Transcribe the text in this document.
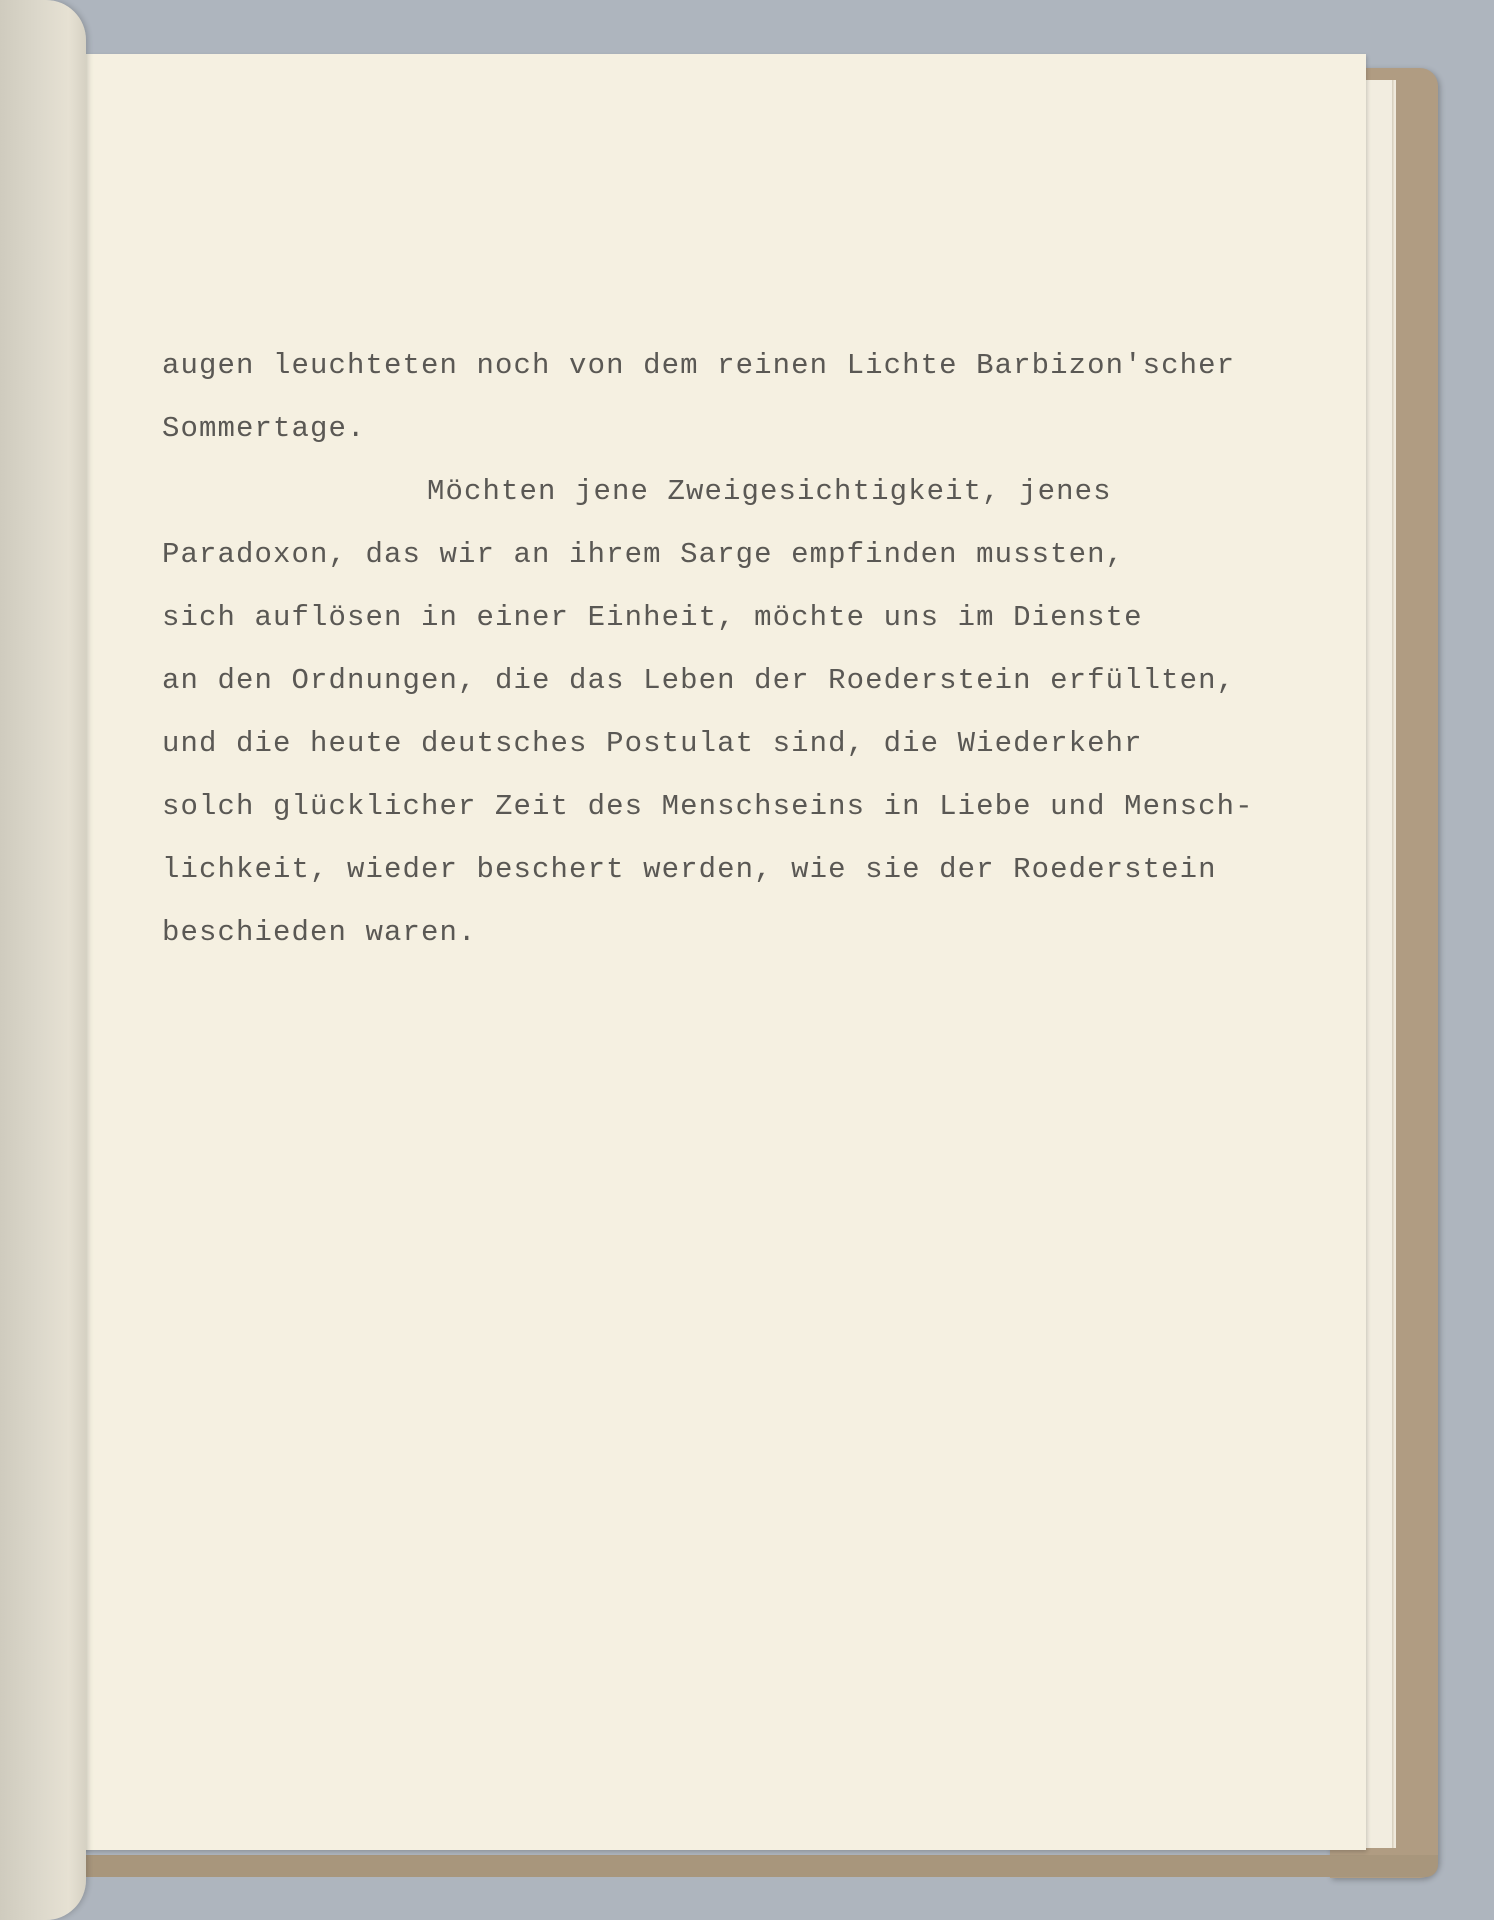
augen leuchteten noch von dem reinen Lichte Barbizon'scher
Sommertage.
Möchten jene Zweigesichtigkeit, jenes
Paradoxon, das wir an ihrem Sarge empfinden mussten,
sich auflösen in einer Einheit, möchte uns im Dienste
an den Ordnungen, die das Leben der Roederstein erfüllten,
und die heute deutsches Postulat sind, die Wiederkehr
solch glücklicher Zeit des Menschseins in Liebe und Mensch-
lichkeit, wieder beschert werden, wie sie der Roederstein
beschieden waren.
